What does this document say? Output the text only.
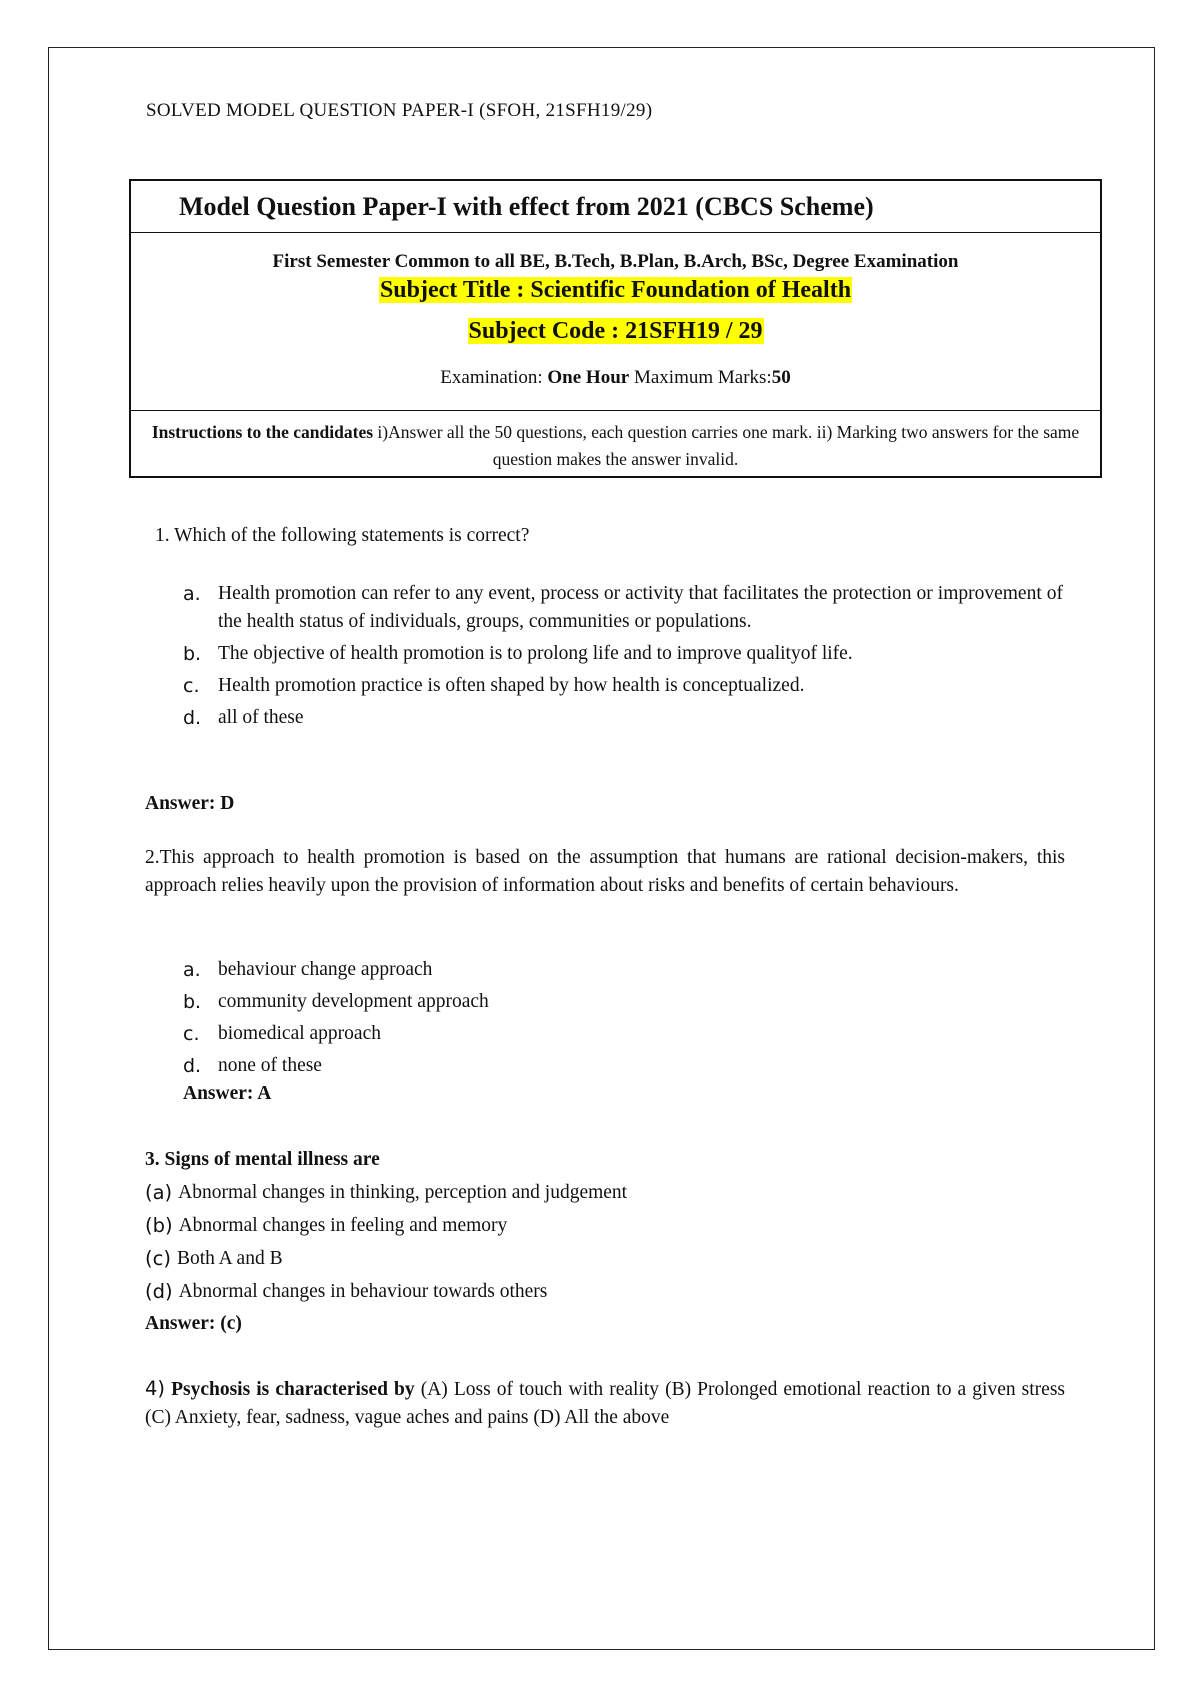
SOLVED MODEL QUESTION PAPER-I (SFOH, 21SFH19/29)
Model Question Paper-I with effect from 2021 (CBCS Scheme)
First Semester Common to all BE, B.Tech, B.Plan, B.Arch, BSc, Degree Examination
Subject Title : Scientific Foundation of Health
Subject Code : 21SFH19 / 29
Examination: One Hour Maximum Marks:50
Instructions to the candidates i)Answer all the 50 questions, each question carries one mark. ii) Marking two answers for the same question makes the answer invalid.
1. Which of the following statements is correct?
a. Health promotion can refer to any event, process or activity that facilitates the protection or improvement of the health status of individuals, groups, communities or populations.
b. The objective of health promotion is to prolong life and to improve qualityof life.
c. Health promotion practice is often shaped by how health is conceptualized.
d. all of these
Answer: D
2.This approach to health promotion is based on the assumption that humans are rational decision-makers, this approach relies heavily upon the provision of information about risks and benefits of certain behaviours.
a. behaviour change approach
b. community development approach
c. biomedical approach
d. none of these
Answer: A
3. Signs of mental illness are
(a) Abnormal changes in thinking, perception and judgement
(b) Abnormal changes in feeling and memory
(c) Both A and B
(d) Abnormal changes in behaviour towards others
Answer: (c)
4) Psychosis is characterised by (A) Loss of touch with reality (B) Prolonged emotional reaction to a given stress (C) Anxiety, fear, sadness, vague aches and pains (D) All the above
